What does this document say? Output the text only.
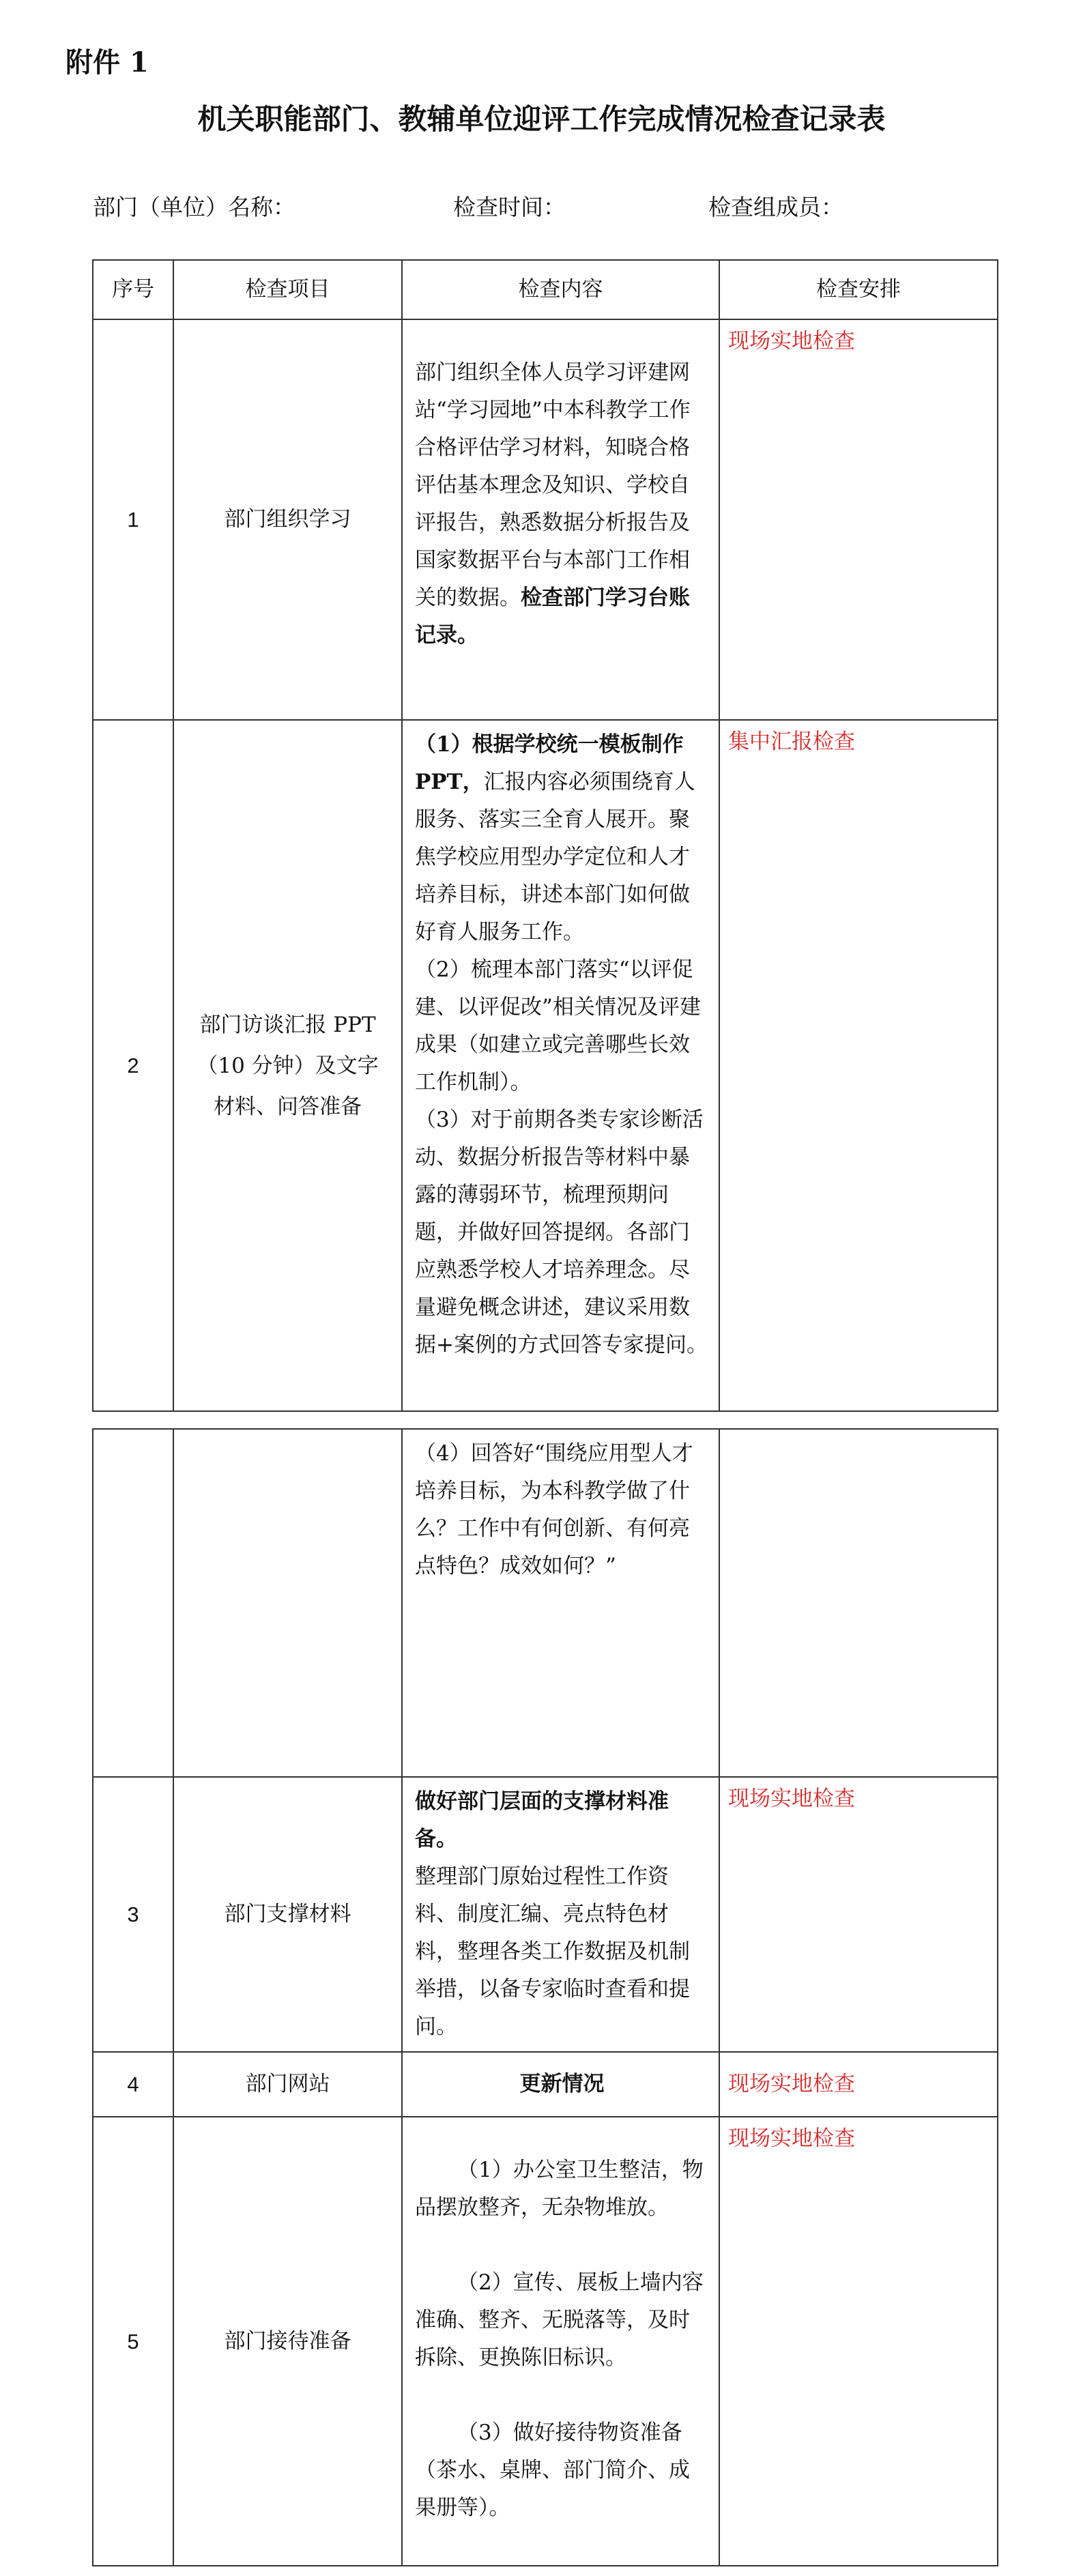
附件 1
机关职能部门、教辅单位迎评工作完成情况检查记录表
部门（单位）名称：	检查时间：	检查组成员：
序号	检查项目	检查内容	检查安排
1	部门组织学习	部门组织全体人员学习评建网站“学习园地”中本科教学工作合格评估学习材料，知晓合格评估基本理念及知识、学校自评报告，熟悉数据分析报告及国家数据平台与本部门工作相关的数据。检查部门学习台账记录。	现场实地检查
2	部门访谈汇报 PPT（10 分钟）及文字材料、问答准备	（1）根据学校统一模板制作 PPT，汇报内容必须围绕育人服务、落实三全育人展开。聚焦学校应用型办学定位和人才培养目标，讲述本部门如何做好育人服务工作。

（2）梳理本部门落实“以评促建、以评促改”相关情况及评建成果（如建立或完善哪些长效工作机制）。

（3）对于前期各类专家诊断活动、数据分析报告等材料中暴露的薄弱环节，梳理预期问题，并做好回答提纲。各部门应熟悉学校人才培养理念。尽量避免概念讲述，建议采用数据+案例的方式回答专家提问。	集中汇报检查

		（4）回答好“围绕应用型人才培养目标，为本科教学做了什么？工作中有何创新、有何亮点特色？成效如何？”	

3	部门支撑材料	做好部门层面的支撑材料准备。

整理部门原始过程性工作资料、制度汇编、亮点特色材料，整理各类工作数据及机制举措，以备专家临时查看和提问。	现场实地检查
4	部门网站	更新情况	现场实地检查
5	部门接待准备	（1）办公室卫生整洁，物品摆放整齐，无杂物堆放。

（2）宣传、展板上墙内容准确、整齐、无脱落等，及时拆除、更换陈旧标识。

（3）做好接待物资准备（茶水、桌牌、部门简介、成果册等）。	现场实地检查
